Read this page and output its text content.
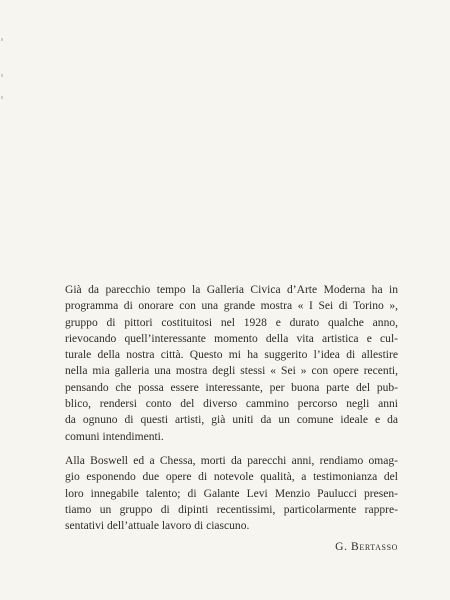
Già da parecchio tempo la Galleria Civica d’Arte Moderna ha in
programma di onorare con una grande mostra « I Sei di Torino »,
gruppo di pittori costituitosi nel 1928 e durato qualche anno,
rievocando quell’interessante momento della vita artistica e cul-
turale della nostra città. Questo mi ha suggerito l’idea di allestire
nella mia galleria una mostra degli stessi « Sei » con opere recenti,
pensando che possa essere interessante, per buona parte del pub-
blico, rendersi conto del diverso cammino percorso negli anni
da ognuno di questi artisti, già uniti da un comune ideale e da
comuni intendimenti.
Alla Boswell ed a Chessa, morti da parecchi anni, rendiamo omag-
gio esponendo due opere di notevole qualità, a testimonianza del
loro innegabile talento; di Galante Levi Menzio Paulucci presen-
tiamo un gruppo di dipinti recentissimi, particolarmente rappre-
sentativi dell’attuale lavoro di ciascuno.
G. Bertasso
